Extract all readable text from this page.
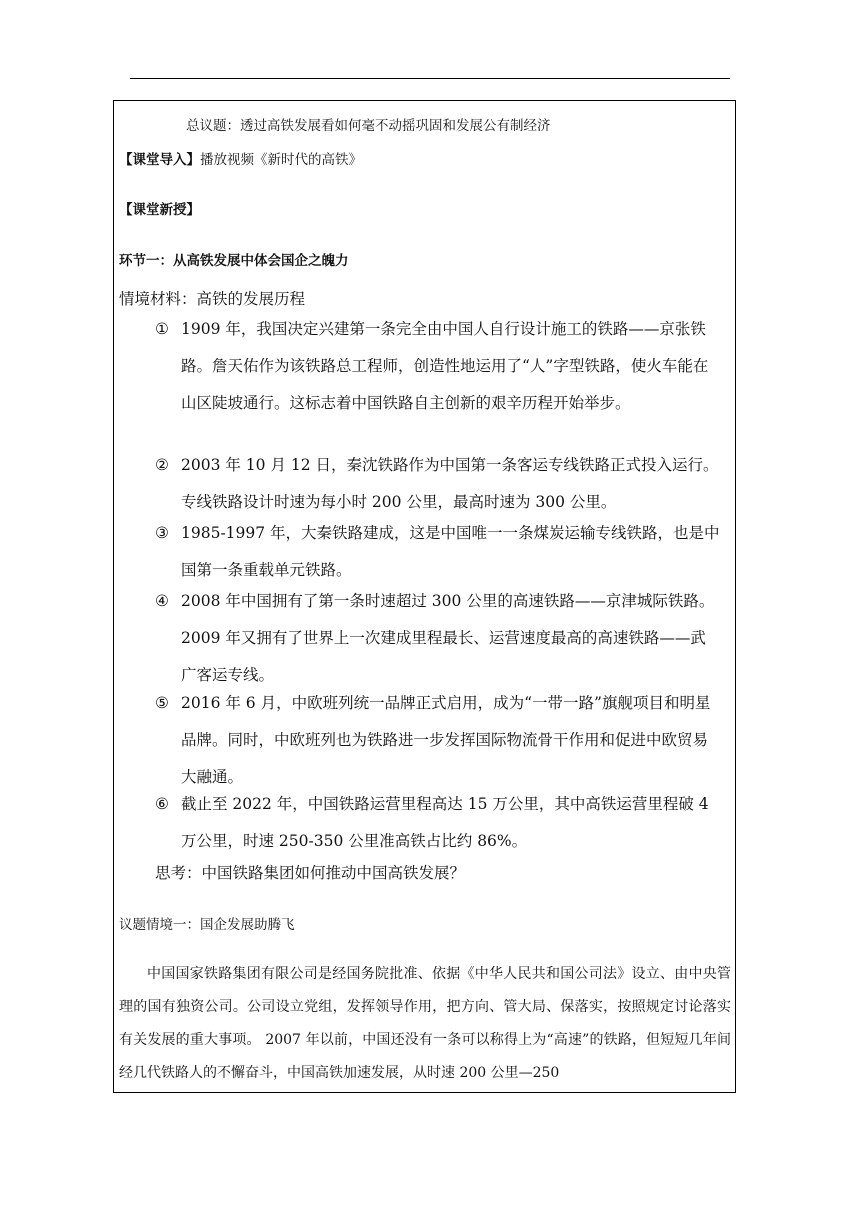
总议题：透过高铁发展看如何毫不动摇巩固和发展公有制经济
【课堂导入】播放视频《新时代的高铁》
【课堂新授】
环节一：从高铁发展中体会国企之魄力
情境材料：高铁的发展历程
① 1909 年，我国决定兴建第一条完全由中国人自行设计施工的铁路——京张铁路。詹天佑作为该铁路总工程师，创造性地运用了“人”字型铁路，使火车能在山区陡坡通行。这标志着中国铁路自主创新的艰辛历程开始举步。
② 2003 年 10 月 12 日，秦沈铁路作为中国第一条客运专线铁路正式投入运行。专线铁路设计时速为每小时 200 公里，最高时速为 300 公里。
③ 1985-1997 年，大秦铁路建成，这是中国唯一一条煤炭运输专线铁路，也是中国第一条重载单元铁路。
④ 2008 年中国拥有了第一条时速超过 300 公里的高速铁路——京津城际铁路。2009 年又拥有了世界上一次建成里程最长、运营速度最高的高速铁路——武广客运专线。
⑤ 2016 年 6 月，中欧班列统一品牌正式启用，成为“一带一路”旗舰项目和明星品牌。同时，中欧班列也为铁路进一步发挥国际物流骨干作用和促进中欧贸易大融通。
⑥ 截止至 2022 年，中国铁路运营里程高达 15 万公里，其中高铁运营里程破 4 万公里，时速 250-350 公里准高铁占比约 86%。
思考：中国铁路集团如何推动中国高铁发展？
议题情境一：国企发展助腾飞
中国国家铁路集团有限公司是经国务院批准、依据《中华人民共和国公司法》设立、由中央管理的国有独资公司。公司设立党组，发挥领导作用，把方向、管大局、保落实，按照规定讨论落实有关发展的重大事项。 2007 年以前，中国还没有一条可以称得上为“高速”的铁路，但短短几年间经几代铁路人的不懈奋斗，中国高铁加速发展，从时速 200 公里—250
